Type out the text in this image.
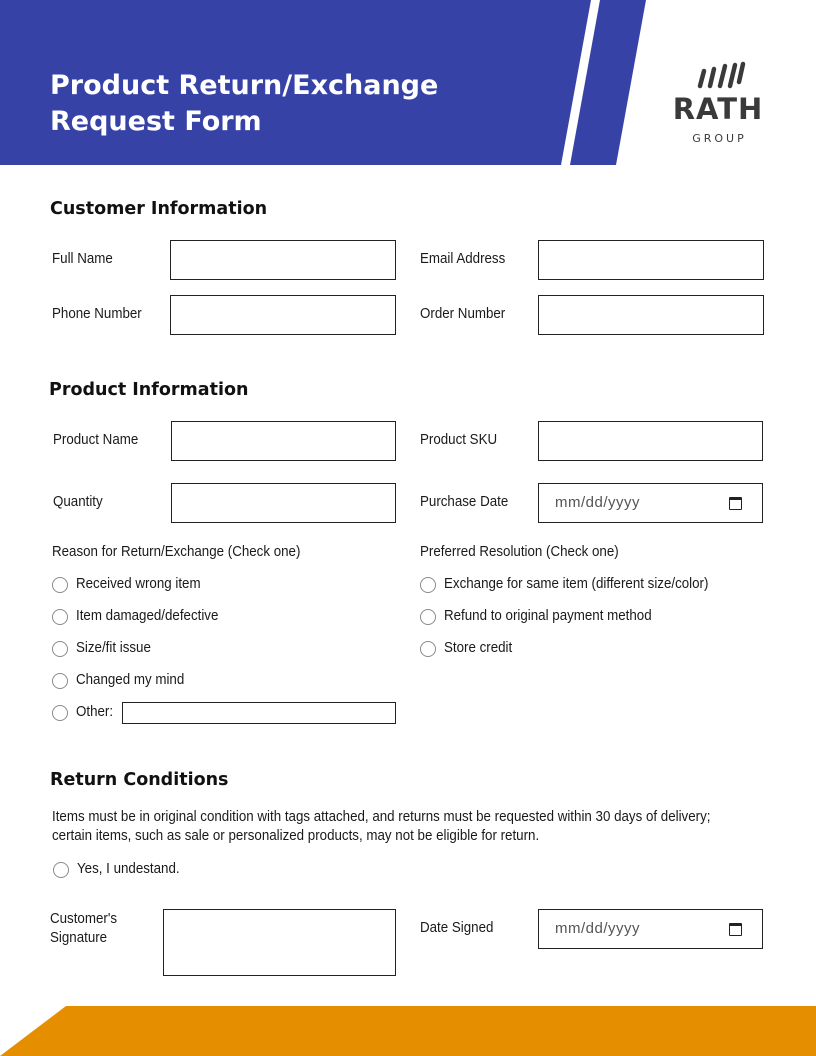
Product Return/Exchange
Request Form	RATH
GROUP
Customer Information
Full Name	Email Address
Phone Number	Order Number
Product Information
Product Name	Product SKU
Quantity	Purchase Date	mm/dd/yyyy
Reason for Return/Exchange (Check one)
Received wrong item
Item damaged/defective
Size/fit issue
Changed my mind
Other:
Preferred Resolution (Check one)
Exchange for same item (different size/color)
Refund to original payment method
Store credit
Return Conditions
Items must be in original condition with tags attached, and returns must be requested within 30 days of delivery;
certain items, such as sale or personalized products, may not be eligible for return.
Yes, I undestand.
Customer's
Signature
Date Signed	mm/dd/yyyy
